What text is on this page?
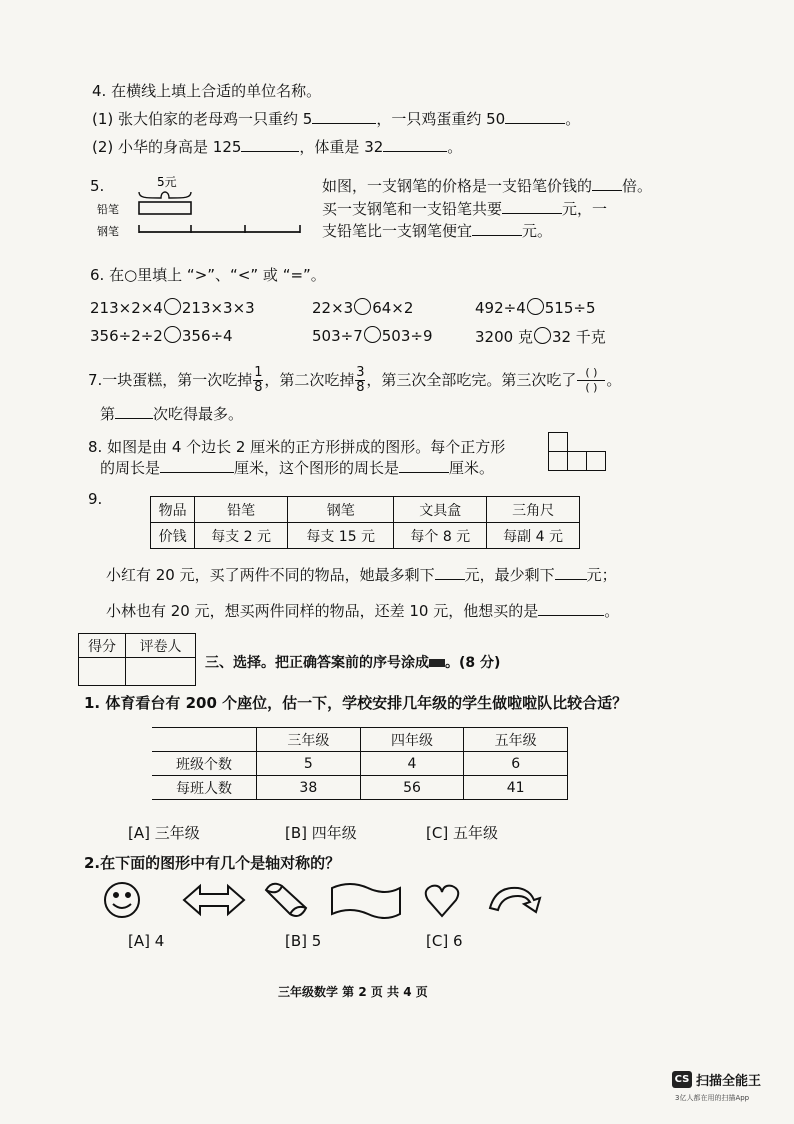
4. 在横线上填上合适的单位名称。
(1) 张大伯家的老母鸡一只重约 5	，一只鸡蛋重约 50	。
(2) 小华的身高是 125	，体重是 32	。
5.	5元
铅笔
钢笔
如图，一支钢笔的价格是一支铅笔价钱的 倍。
买一支钢笔和一支铅笔共要	元，一
支铅笔比一支钢笔便宜	元。
6. 在○里填上 “>”、“<” 或 “=”。
213×2×4 213×3×3	22×3 64×2	492÷4 515÷5
356÷2÷2 356÷4	503÷7 503÷9	3200 克 32 千克
7.一块蛋糕，第一次吃掉 $\frac{1}{8}$ ，第二次吃掉 $\frac{3}{8}$ ，第三次全部吃完。第三次吃了 $\frac{( )}{( )}$ 。
第	次吃得最多。
8. 如图是由 4 个边长 2 厘米的正方形拼成的图形。每个正方形
的周长是	厘米，这个图形的周长是	厘米。
9.
物品	铅笔	钢笔	文具盒	三角尺
价钱	每支 2 元	每支 15 元	每个 8 元	每副 4 元
小红有 20 元，买了两件不同的物品，她最多剩下 元，最少剩下 元；
小林也有 20 元，想买两件同样的物品，还差 10 元，他想买的是	。
得分	评卷人

三、选择。把正确答案前的序号涂成 。(8 分)
1. 体育看台有 200 个座位，估一下，学校安排几年级的学生做啦啦队比较合适？
	三年级	四年级	五年级
班级个数	5	4	6
每班人数	38	56	41
[A] 三年级	[B] 四年级	[C] 五年级
2.在下面的图形中有几个是轴对称的？
[A] 4	[B] 5	[C] 6
三年级数学 第 2 页 共 4 页
CS 扫描全能王
3亿人都在用的扫描App
